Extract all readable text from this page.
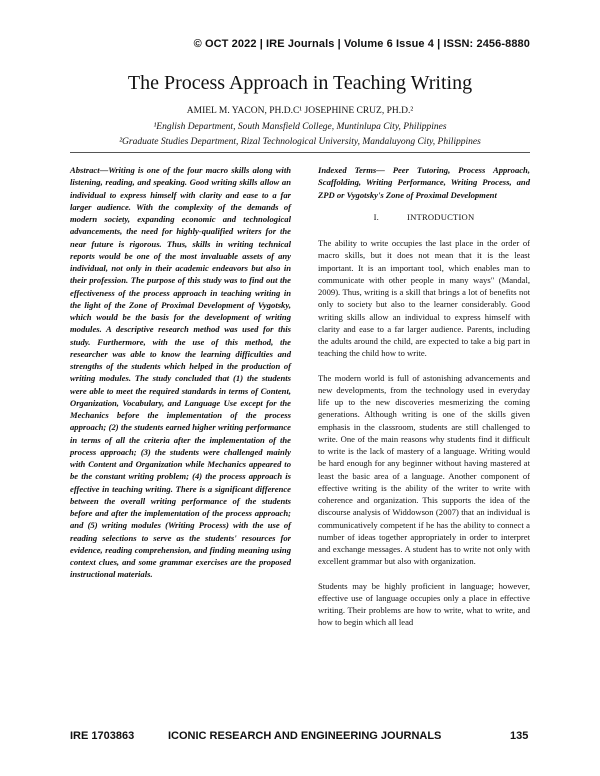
© OCT 2022 | IRE Journals | Volume 6 Issue 4 | ISSN: 2456-8880
The Process Approach in Teaching Writing
AMIEL M. YACON, PH.D.C¹ JOSEPHINE CRUZ, PH.D.²
¹English Department, South Mansfield College, Muntinlupa City, Philippines
²Graduate Studies Department, Rizal Technological University, Mandaluyong City, Philippines

Abstract—Writing is one of the four macro skills along with listening, reading, and speaking. Good writing skills allow an individual to express himself with clarity and ease to a far larger audience. With the complexity of the demands of modern society, expanding economic and technological advancements, the need for highly-qualified writers for the near future is rigorous. Thus, skills in writing technical reports would be one of the most invaluable assets of any individual, not only in their academic endeavors but also in their profession. The purpose of this study was to find out the effectiveness of the process approach in teaching writing in the light of the Zone of Proximal Development of Vygotsky, which would be the basis for the development of writing modules. A descriptive research method was used for this study. Furthermore, with the use of this method, the researcher was able to know the learning difficulties and strengths of the students which helped in the production of writing modules. The study concluded that (1) the students were able to meet the required standards in terms of Content, Organization, Vocabulary, and Language Use except for the Mechanics before the implementation of the process approach; (2) the students earned higher writing performance in terms of all the criteria after the implementation of the process approach; (3) the students were challenged mainly with Content and Organization while Mechanics appeared to be the constant writing problem; (4) the process approach is effective in teaching writing. There is a significant difference between the overall writing performance of the students before and after the implementation of the process approach; and (5) writing modules (Writing Process) with the use of reading selections to serve as the students' resources for evidence, reading comprehension, and finding meaning using context clues, and some grammar exercises are the proposed instructional materials.

Indexed Terms— Peer Tutoring, Process Approach, Scaffolding, Writing Performance, Writing Process, and ZPD or Vygotsky's Zone of Proximal Development

I.	INTRODUCTION

The ability to write occupies the last place in the order of macro skills, but it does not mean that it is the least important. It is an important tool, which enables man to communicate with other people in many ways" (Mandal, 2009). Thus, writing is a skill that brings a lot of benefits not only to society but also to the learner considerably. Good writing skills allow an individual to express himself with clarity and ease to a far larger audience. Parents, including the adults around the child, are expected to take a big part in teaching the child how to write.

The modern world is full of astonishing advancements and new developments, from the technology used in everyday life up to the new discoveries mesmerizing the coming generations. Although writing is one of the skills given emphasis in the classroom, students are still challenged to write. One of the main reasons why students find it difficult to write is the lack of mastery of a language. Writing would be hard enough for any beginner without having mastered at least the basic area of a language. Another component of effective writing is the ability of the writer to write with coherence and organization. This supports the idea of the discourse analysis of Widdowson (2007) that an individual is communicatively competent if he has the ability to connect a number of ideas together appropriately in order to interpret and exchange messages. A student has to write not only with excellent grammar but also with organization.

Students may be highly proficient in language; however, effective use of language occupies only a place in effective writing. Their problems are how to write, what to write, and how to begin which all lead

IRE 1703863	ICONIC RESEARCH AND ENGINEERING JOURNALS	135
